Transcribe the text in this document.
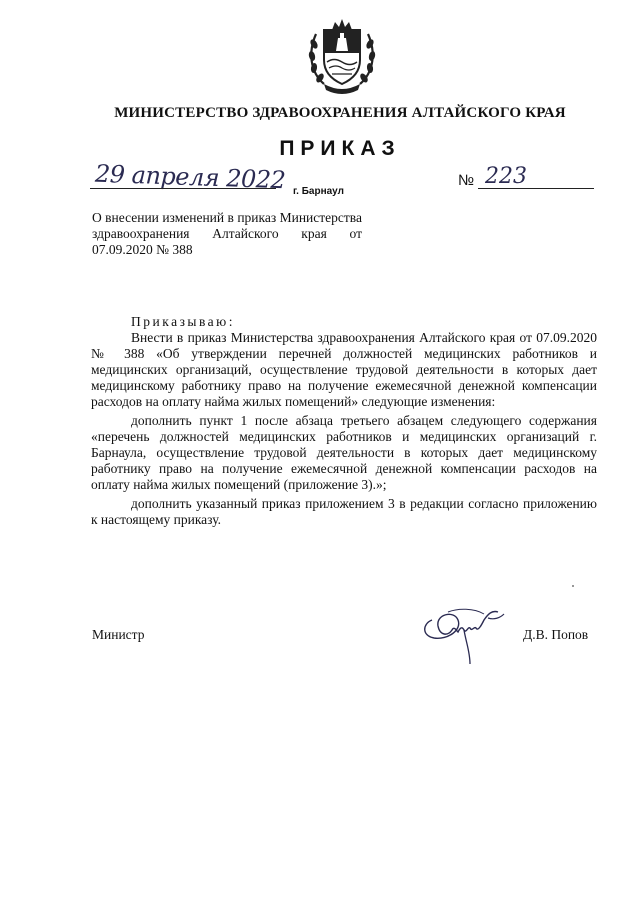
МИНИСТЕРСТВО ЗДРАВООХРАНЕНИЯ АЛТАЙСКОГО КРАЯ
ПРИКАЗ
29 апреля 2022 г. Барнаул
№ 223
О внесении изменений в приказ Министерства здравоохранения Алтайского края от 07.09.2020 № 388

Приказываю:

Внести в приказ Министерства здравоохранения Алтайского края от 07.09.2020 № 388 «Об утверждении перечней должностей медицинских работников и медицинских организаций, осуществление трудовой деятельности в которых дает медицинскому работнику право на получение ежемесячной денежной компенсации расходов на оплату найма жилых помещений» следующие изменения:

дополнить пункт 1 после абзаца третьего абзацем следующего содержания «перечень должностей медицинских работников и медицинских организаций г. Барнаула, осуществление трудовой деятельности в которых дает медицинскому работнику право на получение ежемесячной денежной компенсации расходов на оплату найма жилых помещений (приложение 3).»;

дополнить указанный приказ приложением 3 в редакции согласно приложению к настоящему приказу.

Министр	Д.В. Попов
